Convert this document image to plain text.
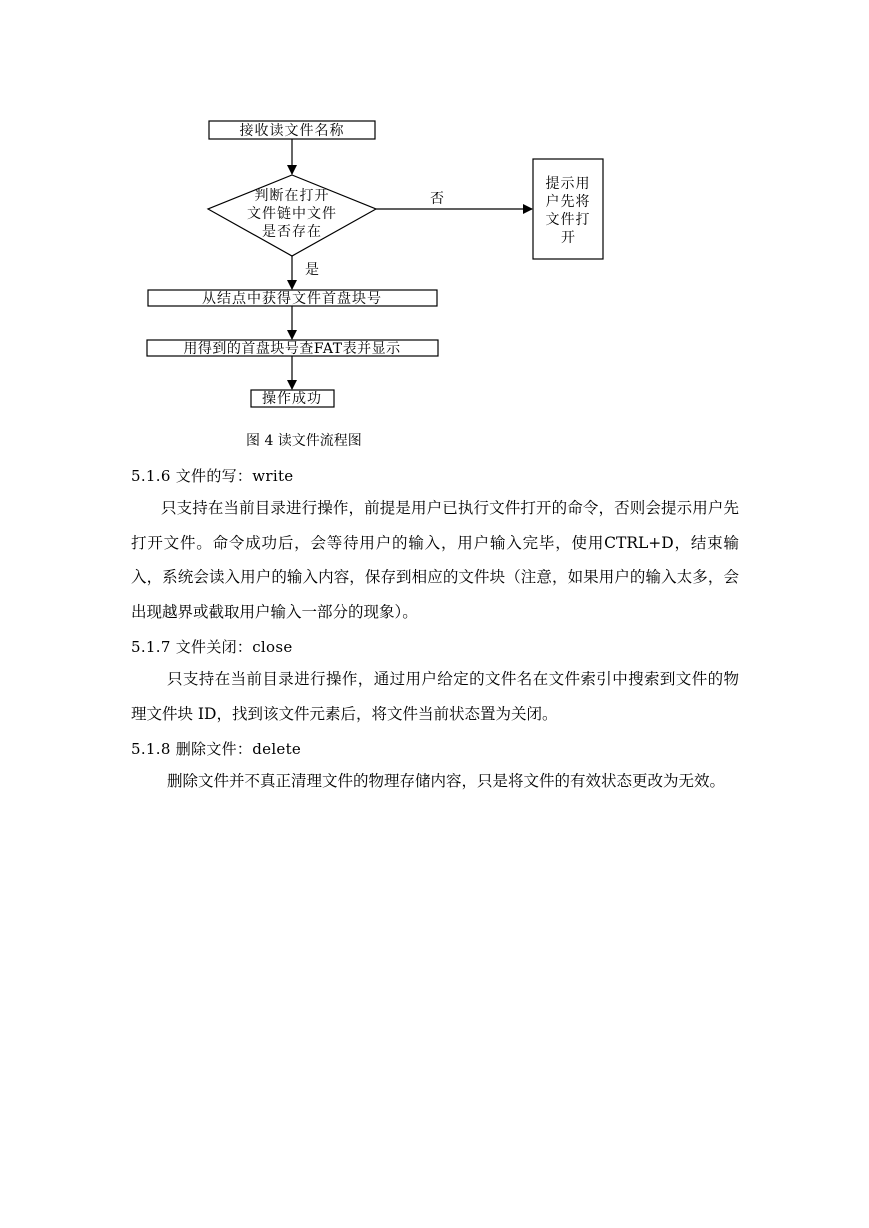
接收读文件名称
判断在打开
文件链中文件
是否存在
否
提示用
户先将
文件打
开
是
从结点中获得文件首盘块号
用得到的首盘块号查FAT表并显示
操作成功
图 4 读文件流程图
5.1.6 文件的写：write
只支持在当前目录进行操作，前提是用户已执行文件打开的命令，否则会提示用户先打开文件。命令成功后，会等待用户的输入，用户输入完毕，使用CTRL+D，结束输入，系统会读入用户的输入内容，保存到相应的文件块（注意，如果用户的输入太多，会出现越界或截取用户输入一部分的现象）。
5.1.7 文件关闭：close
只支持在当前目录进行操作，通过用户给定的文件名在文件索引中搜索到文件的物理文件块 ID，找到该文件元素后，将文件当前状态置为关闭。
5.1.8 删除文件：delete
删除文件并不真正清理文件的物理存储内容，只是将文件的有效状态更改为无效。
